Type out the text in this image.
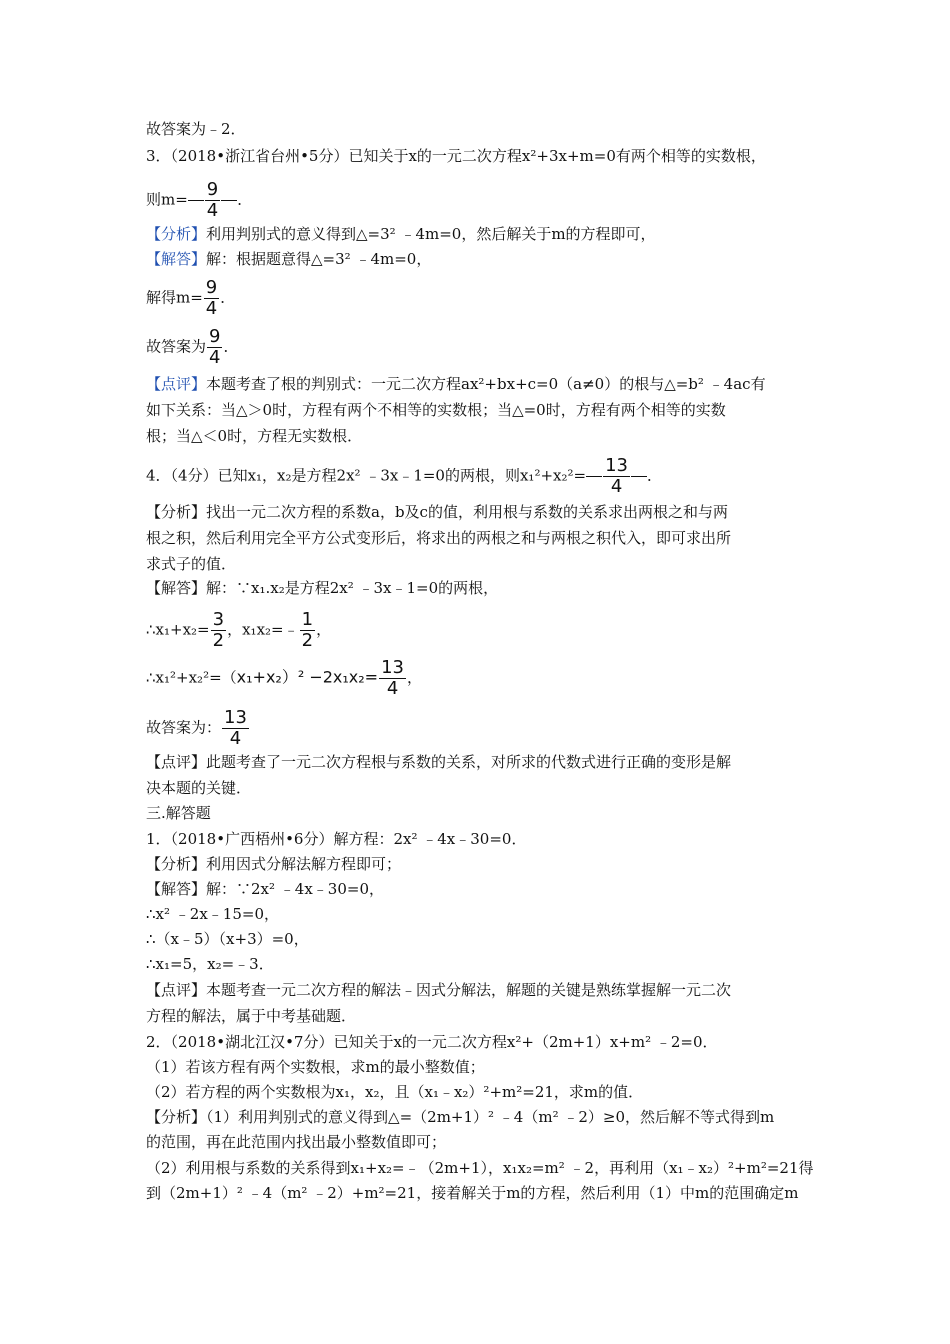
故答案为﹣2．
3．（2018•浙江省台州•5分）已知关于x的一元二次方程x²+3x+m=0有两个相等的实数根，
则$m= \frac{9}{4}$ ．
【分析】利用判别式的意义得到△=3² ﹣4m=0，然后解关于m的方程即可，
【解答】解：根据题意得△=3² ﹣4m=0，
解得$m= \frac{9}{4}$ ．
故答案为 $\frac{9}{4}$ ．
【点评】本题考查了根的判别式：一元二次方程ax²+bx+c=0（a≠0）的根与△=b² ﹣4ac有
如下关系：当△＞0时，方程有两个不相等的实数根；当△=0时，方程有两个相等的实数
根；当△＜0时，方程无实数根．
4．（4分）已知x₁，x₂是方程2x² ﹣3x﹣1=0的两根，则$x_1^2+x_2^2= \frac{13}{4}$ ．
【分析】找出一元二次方程的系数a，b及c的值，利用根与系数的关系求出两根之和与两
根之积，然后利用完全平方公式变形后，将求出的两根之和与两根之积代入，即可求出所
求式子的值．
【解答】解：∵x₁.x₂是方程2x² ﹣3x﹣1=0的两根，
∴x₁+x₂= $\frac{3}{2}$ ，x₁x₂=﹣ $\frac{1}{2}$ ，
∴x₁²+x₂²=（x₁+x₂）² $-2x_1x_2= \frac{13}{4}$ ，
故答案为： $\frac{13}{4}$
【点评】此题考查了一元二次方程根与系数的关系，对所求的代数式进行正确的变形是解
决本题的关键．
三.解答题
1．（2018•广西梧州•6分）解方程：2x² ﹣4x﹣30=0．
【分析】利用因式分解法解方程即可；
【解答】解：∵2x² ﹣4x﹣30=0，
∴x² ﹣2x﹣15=0，
∴（x﹣5）（x+3）=0，
∴x₁=5，x₂=﹣3．
【点评】本题考查一元二次方程的解法﹣因式分解法，解题的关键是熟练掌握解一元二次
方程的解法，属于中考基础题．
2．（2018•湖北江汉•7分）已知关于x的一元二次方程x²+（2m+1）x+m² ﹣2=0．
（1）若该方程有两个实数根，求m的最小整数值；
（2）若方程的两个实数根为x₁，x₂，且（x₁﹣x₂）²+m²=21，求m的值．
【分析】（1）利用判别式的意义得到△=（2m+1）² ﹣4（m² ﹣2）≥0，然后解不等式得到m
的范围，再在此范围内找出最小整数值即可；
（2）利用根与系数的关系得到x₁+x₂=﹣（2m+1），x₁x₂=m² ﹣2，再利用（x₁﹣x₂）²+m²=21得
到（2m+1）² ﹣4（m² ﹣2）+m²=21，接着解关于m的方程，然后利用（1）中m的范围确定m
